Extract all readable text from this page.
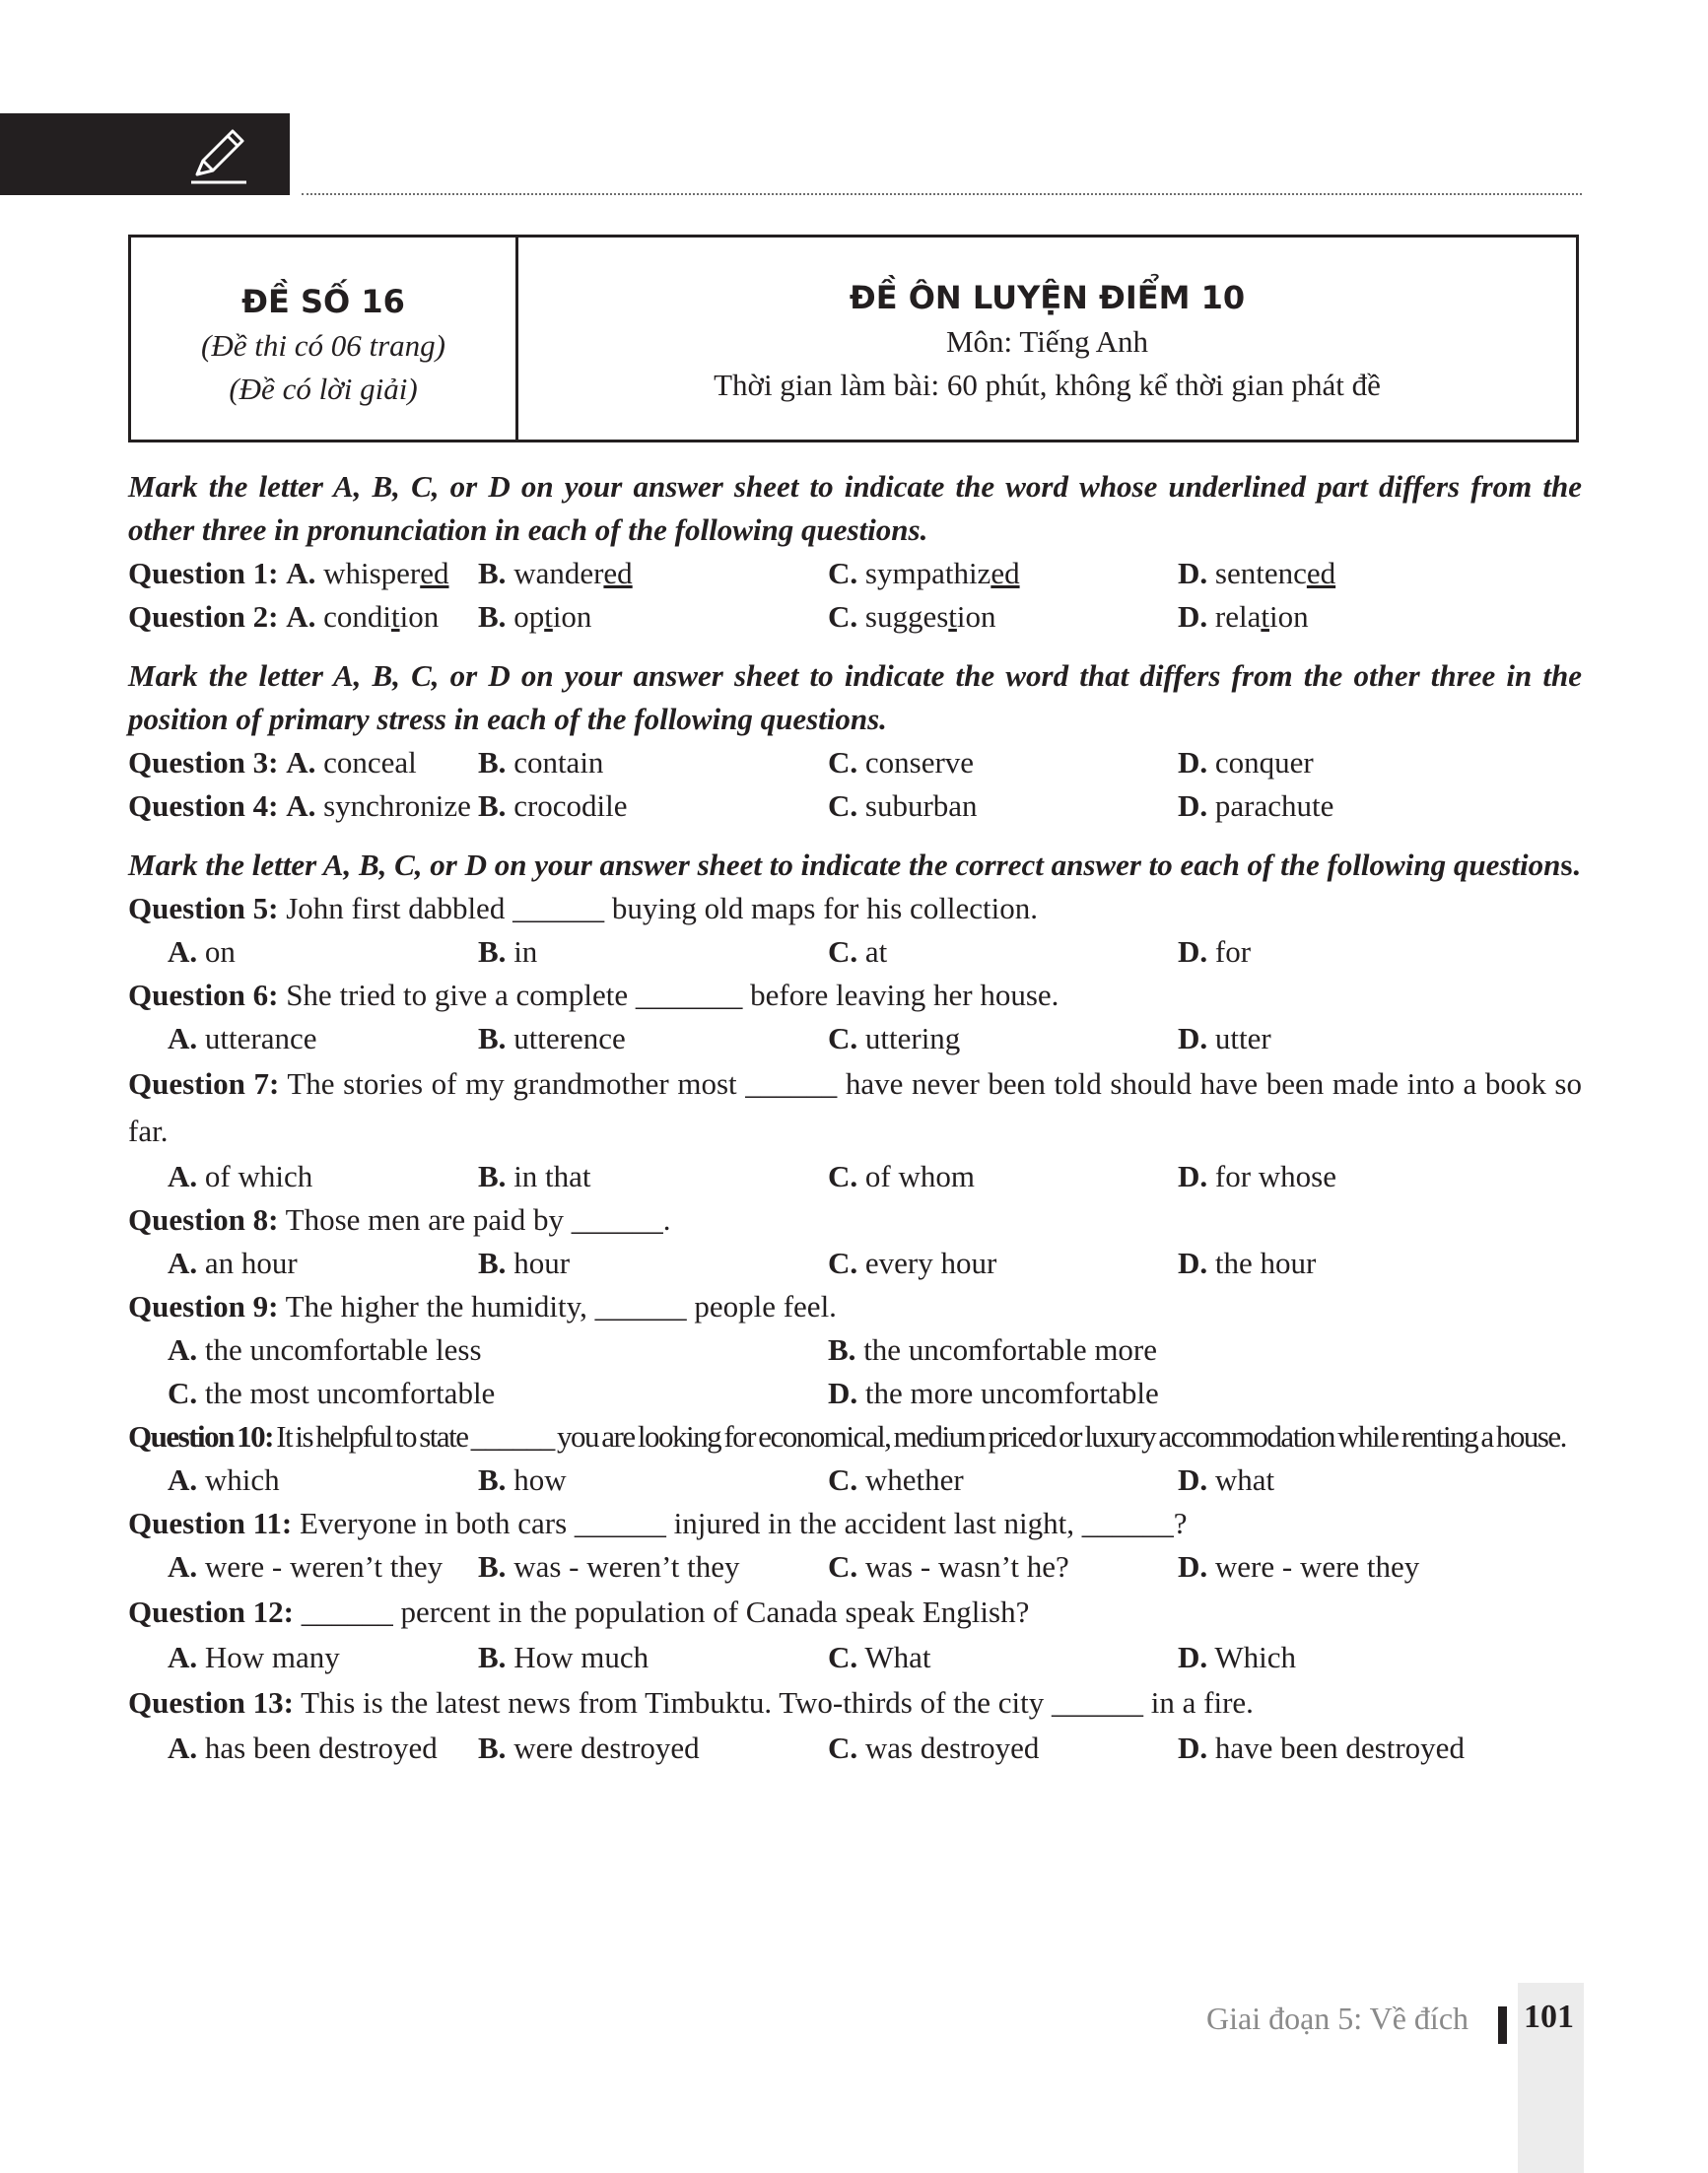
ĐỀ SỐ 16
(Đề thi có 06 trang)
(Đề có lời giải)
ĐỀ ÔN LUYỆN ĐIỂM 10
Môn: Tiếng Anh
Thời gian làm bài: 60 phút, không kể thời gian phát đề
Mark the letter A, B, C, or D on your answer sheet to indicate the word whose underlined part differs from the other three in pronunciation in each of the following questions.
Question 1: A. whispered B. wandered	C. sympathized	D. sentenced
Question 2: A. condition	B. option	C. suggestion	D. relation
Mark the letter A, B, C, or D on your answer sheet to indicate the word that differs from the other three in the position of primary stress in each of the following questions.
Question 3: A. conceal	B. contain	C. conserve	D. conquer
Question 4: A. synchronize B. crocodile	C. suburban	D. parachute
Mark the letter A, B, C, or D on your answer sheet to indicate the correct answer to each of the following questions.
Question 5: John first dabbled ______ buying old maps for his collection.
A. on	B. in	C. at	D. for
Question 6: She tried to give a complete _______ before leaving her house.
A. utterance	B. utterence	C. uttering	D. utter
Question 7: The stories of my grandmother most ______ have never been told should have been made into a book so far.
A. of which	B. in that	C. of whom	D. for whose
Question 8: Those men are paid by ______.
A. an hour	B. hour	C. every hour	D. the hour
Question 9: The higher the humidity, ______ people feel.
A. the uncomfortable less	B. the uncomfortable more
C. the most uncomfortable	D. the more uncomfortable
Question 10: It is helpful to state ______ you are looking for economical, medium priced or luxury accommodation while renting a house.
A. which	B. how	C. whether	D. what
Question 11: Everyone in both cars ______ injured in the accident last night, ______?
A. were - weren’t they	B. was - weren’t they	C. was - wasn’t he?	D. were - were they
Question 12: ______ percent in the population of Canada speak English?
A. How many	B. How much	C. What	D. Which
Question 13: This is the latest news from Timbuktu. Two-thirds of the city ______ in a fire.
A. has been destroyed	B. were destroyed	C. was destroyed	D. have been destroyed
Giai đoạn 5: Về đích 101
